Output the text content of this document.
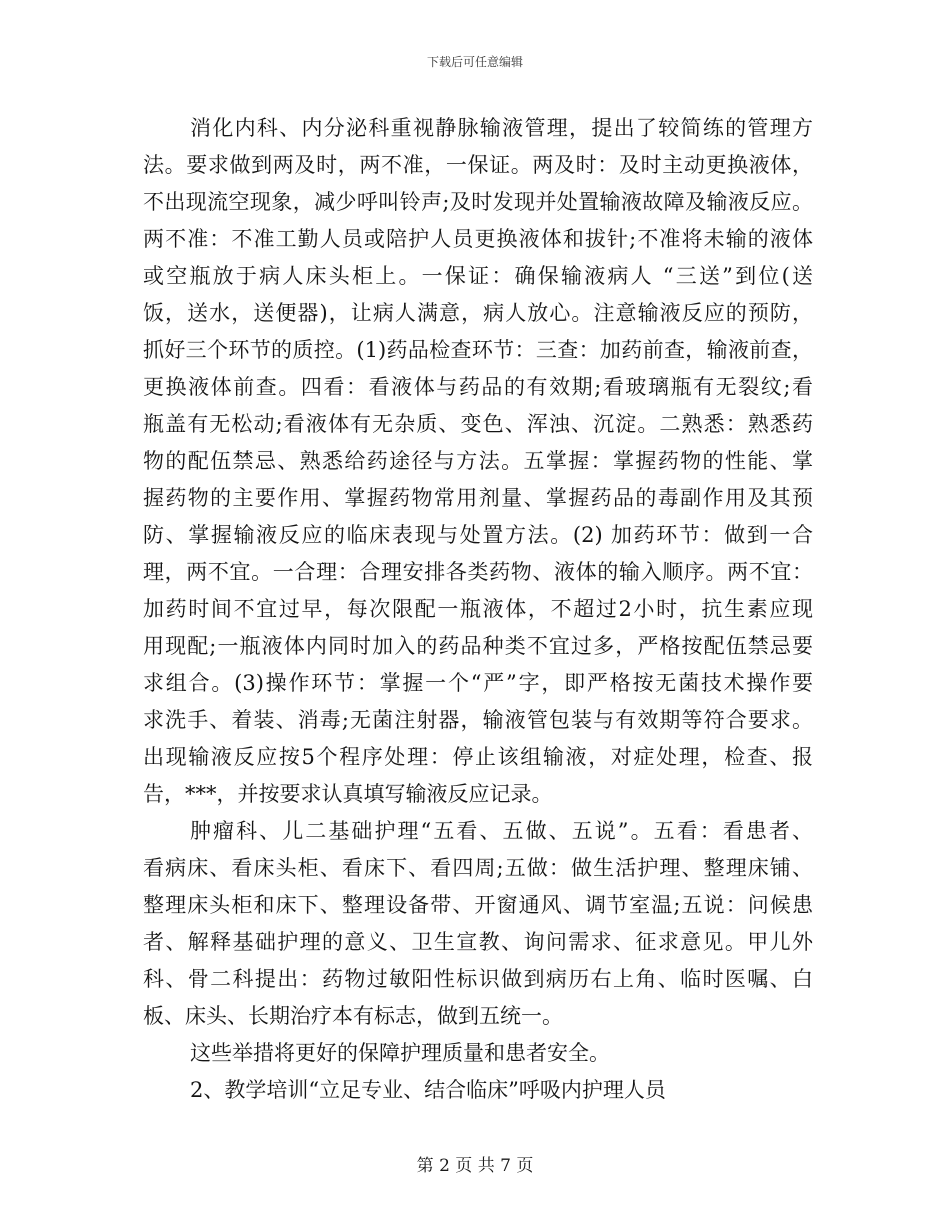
下载后可任意编辑
消化内科、内分泌科重视静脉输液管理，提出了较简练的管理方
法。要求做到两及时，两不准，一保证。两及时：及时主动更换液体，
不出现流空现象，减少呼叫铃声;及时发现并处置输液故障及输液反应。
两不准：不准工勤人员或陪护人员更换液体和拔针;不准将未输的液体
或空瓶放于病人床头柜上。一保证：确保输液病人 “三送”到位(送
饭，送水，送便器)，让病人满意，病人放心。注意输液反应的预防，
抓好三个环节的质控。(1)药品检查环节：三查：加药前查，输液前查，
更换液体前查。四看：看液体与药品的有效期;看玻璃瓶有无裂纹;看
瓶盖有无松动;看液体有无杂质、变色、浑浊、沉淀。二熟悉：熟悉药
物的配伍禁忌、熟悉给药途径与方法。五掌握：掌握药物的性能、掌
握药物的主要作用、掌握药物常用剂量、掌握药品的毒副作用及其预
防、掌握输液反应的临床表现与处置方法。(2) 加药环节：做到一合
理，两不宜。一合理：合理安排各类药物、液体的输入顺序。两不宜：
加药时间不宜过早，每次限配一瓶液体，不超过2小时，抗生素应现
用现配;一瓶液体内同时加入的药品种类不宜过多，严格按配伍禁忌要
求组合。(3)操作环节：掌握一个“严”字，即严格按无菌技术操作要
求洗手、着装、消毒;无菌注射器，输液管包装与有效期等符合要求。
出现输液反应按5个程序处理：停止该组输液，对症处理，检查、报
告，***，并按要求认真填写输液反应记录。
肿瘤科、儿二基础护理“五看、五做、五说”。五看：看患者、
看病床、看床头柜、看床下、看四周;五做：做生活护理、整理床铺、
整理床头柜和床下、整理设备带、开窗通风、调节室温;五说：问候患
者、解释基础护理的意义、卫生宣教、询问需求、征求意见。甲儿外
科、骨二科提出：药物过敏阳性标识做到病历右上角、临时医嘱、白
板、床头、长期治疗本有标志，做到五统一。
这些举措将更好的保障护理质量和患者安全。
2、教学培训“立足专业、结合临床”呼吸内护理人员
第 2 页 共 7 页
